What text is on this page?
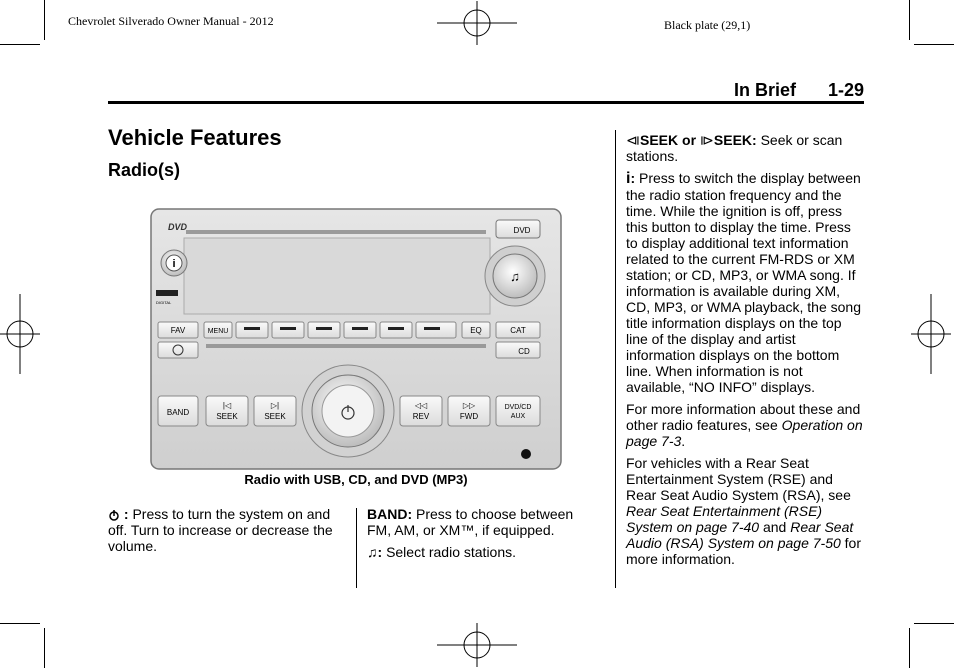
Chevrolet Silverado Owner Manual - 2012	Black plate (29,1)
In Brief 1-29
Vehicle Features
Radio(s)
DVD	DVD
i
♫
DIGITAL
FAV	MENU	EQ	CAT
CD
BAND
|◁
SEEK
▷|
SEEK
◁◁
REV
▷▷
FWD
DVD/CD
AUX
Radio with USB, CD, and DVD (MP3)

: Press to turn the system on and off. Turn to increase or decrease the volume.

BAND: Press to choose between FM, AM, or XM™, if equipped.

♫: Select radio stations.

⧏SEEK or ⧐SEEK: Seek or scan stations.

i: Press to switch the display between the radio station frequency and the time. While the ignition is off, press this button to display the time. Press to display additional text information related to the current FM-RDS or XM station; or CD, MP3, or WMA song. If information is available during XM, CD, MP3, or WMA playback, the song title information displays on the top line of the display and artist information displays on the bottom line. When information is not available, “NO INFO” displays.

For more information about these and other radio features, see Operation on page 7-3.

For vehicles with a Rear Seat Entertainment System (RSE) and Rear Seat Audio System (RSA), see Rear Seat Entertainment (RSE) System on page 7-40 and Rear Seat Audio (RSA) System on page 7-50 for more information.
